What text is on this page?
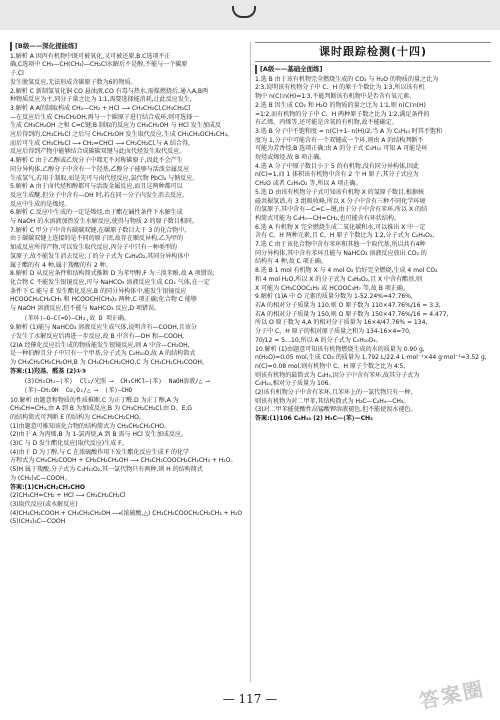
[B级——深化提能练]

1.解析 A 因丙有机物中既可被氧化,又可被还原,B.C选项不正

确,C选项中 CH₃—CH(CH₃)—CH₂Cl水解后不是醇,不能与一个碳原

子.Cl

发生脱氢反应,无法形成含碳原子数为6的物质。

2.解析 C 新制氢氧化铜 CO 悬浊液,CO 有毒与热水,需煤燃烧后,通入A,B两

种物质反应为主,同分子量之比为 1∶1,需要选择能消耗,让此反应发生,

3.解析 A A的制取构成 CH₂—CH₂ + HCl ⟶ CH₃CH₂Cl,CH₃CH₂Cl

—在反应后生成 CH₃CH₂OH,再与一个碳原子进行结合成环,则可选择一

生成 CH₃CH₂OH 之和 C=C键;B 制取的反应为 CH₃CH₂OH 与 HCl 发生加成反

应后得到的,CH₃CH₂Cl 之后与 CH₃CH₂OH 发生取代反应,生成 CH₃CH₂OCH₂CH₃,

而后可生成 CH₃CH₂Cl ⟶ CH₂=CHCl ⟶ CH₂CH₂Cl,与 A 结合得,

反应后得到产物中能够结合成碳碳双键与此卤代烃发生取代反应。

4.解析 C 由于乙醇或乙烷分子中都无不对称碳原子,因此不会产生

同分异构体,乙醇分子中含有一个羟基,乙醇分子能够与活泼金属反应

生成氢气,若用于制取,而是先可与卤代烃反应,氯代物 PbCl₂ 与钠反应。

5.解析 A 由于卤代烃和醇都可与活泼金属反应,而且这两种都可以

反应生成醚,但分子中含有—OH 时,若在同一分子内发生消去反应,

反应中生成的是烯烃。

6.解析 C 反应中生成的一定是烯烃,由于酯在碱性条件下水解生成

与 NaOH 的水溶液加热发生水解反应,使得与物质 2 的原子数目相同。

7.解析 C 甲分子中含有碳碳双键,在碳原子数目大于 3 的化合物中,

由于碳碳双键上连接的是不同的原子团,故存在顺反异构,乙为甲的

加成反应所得产物,可以发生取代反应,丙分子中只有一种类型的

氢原子,故不能发生消去反应;丁的分子式为 C₄H₈O₂,其同分异构体中

属于酯的有 4 种,属于羧酸的有 2 种。

8.解析 D 从反应条件和结构简式推断 D 为苯甲醇,F 为三溴苯酚,故 A 项错误;

化合物 C 不能发生银镜反应,可与 NaHCO₃ 溶液反应生成 CO₂ 气体,在一定

条件下 C 能与 E 发生酯化反应,B 的同分异构体中,能发生银镜反应

HCOOCH₂CH₂CH₃ 和 HCOOCH(CH₃)₂ 两种,C 项正确;化合物 C 能够

与 NaOH 溶液反应,但不能与 NaHCO₃ 反应,D 项错误。

⟨苯环⟩—O—C(=O)—CH₃,故 D 项正确。

9.解析 (1)能与 NaHCO₃ 溶液反应生成气体,说明含有—COOH,且该分

子发生了水解反应后再进一步反应,故 B 中含有—OH 和—COOH,

(2)A 经催化反应后生成的物质能发生银镜反应,则 A 中含—CH₂OH,

是一种伯醇且分子中只有一个甲基,分子式为 C₄H₁₀O,故 A 的结构简式

为 CH₃CH₂CH₂CH₂OH,B 为 CH₃CH₂CH₂CHO,C 为 CH₃CH₂CH₂COOH。

答案:(1)羟基、醛基 (2)①③

(3)CH₃CH₂—⟨苯⟩  Cl₂/光照 ⟶  CH₃CHCl—⟨苯⟩  NaOH溶液/△ ⟶
⟨苯⟩—CH₂OH  Cu,O₂/△ ⟶  ⟨苯⟩—CHO

10.解析 由题意和物质的性质推断,C 为正丁醛,D 为正丁醇,A 为

CH₃CH=CH₂,由 A 到 B 为加成反应,B 为 CH₃CH₂CH₂Cl,由 D、E,G

的结构简式可判断 E 的结构为 CH₃CH₂CH₂CHO。

(1)由题意可推知该化合物的结构简式为 CH₃CH₂CH₂CHO。

(2)由于 A 为丙烯,B 为 1-氯丙烷,A 到 B 需与 HCl 发生加成反应。

(3)C 与 D 发生酯化反应(取代反应)生成 F。

(4)由于 D 为丁醇,与 C 在浓硫酸作用下发生酯化反应生成 F 的化学

方程式为 CH₃CH₂COOH + CH₃CH₂CH₂OH ⟶ CH₃CH₂COOCH₂CH₂CH₃ + H₂O。

(5)H 属于羧酸,分子式为 C₅H₁₀O₂,其一氯代物只有两种,则 H 的结构简式

为 (CH₃)₃C—COOH。

答案:(1)CH₃CH₂CH₂CHO

(2)CH₃CH=CH₂ + HCl ⟶ CH₃CH₂CH₂Cl

(3)取代反应(或水解反应)

(4)CH₃CH₂COOH + CH₃CH₂CH₂OH ⟶(浓硫酸,△) CH₃CH₂COOCH₂CH₂CH₃ + H₂O

(5)(CH₃)₃C—COOH

课时跟踪检测(十四)
[A级——基础全面练]

1.选 B 由于该有机物完全燃烧生成的 CO₂ 与 H₂O 的物质的量之比为

2∶3,说明该有机物分子中 C、H 的原子个数比为 1∶3,所以该有机

物中 n(C)∶n(H)=1∶3,不能判断该有机物中是否含有氧元素。

2.选 B 因生成 CO₂ 和 H₂O 的物质的量之比为 1∶1,则 n(C)∶n(H)

=1∶2,而有机物的分子中 C、H 两种原子数之比为 1∶2,满足条件的

有乙烯、丙烯等,还可能是含氧的有机物,故不能确定。

3.选 B 分子中不饱和度 = n(C)+1- n(H)/2,当 A 为 C₅H₁₀ 时其不饱和

度为 1,分子中可能含有一个双键或一个环,则由 A 的结构判断不

可能为芳香烃,B 选项正确;由 A 的分子式 C₅H₁₀ 可知 A 可能是环

烷烃或烯烃,故 B 项正确。

4.选 A 分子中原子数目小于 5 的有机物,没有同分异构体,因此

n(C)=1,而 1 体积该有机物中含有 2 个 H 原子,其分子式应为

CH₂O 或者 C₂H₄O₂ 等,所以 A 项正确。

5.选 D 由该有机物分子式可知该有机物 X 的氢原子数目,根据核

磁共振氢谱,有 3 组吸收峰,所以 X 分子中含有三种不同化学环境

的氢原子,其中含有—C=C—键,由于分子中含有苯环,所以 X 的结

构简式可能为 C₆H₅—CH=CH₂,也可能含有环状结构。

6.选 A 有机物 X 完全燃烧生成二氧化碳和水,可以推出 X 中一定

含有 C、H 两种元素,且 C、H 原子个数比为 1∶2,分子式为 C₂H₄O₂,

7.选 C 由于该化合物中含有苯环和其他一个取代基,所以共有4种

同分异构体,其中含有苯环且能与 NaHCO₃ 溶液反应放出 CO₂ 的

结构有 4 种,故 C 项正确。

8.选 B 1 mol 有机物 X 与 4 mol O₂ 恰好完全燃烧,生成 4 mol CO₂

和 4 mol H₂O,所以 X 的分子式为 C₄H₈O₂,且 X 中含有酯基,则

X 可能为 CH₃COOC₂H₅ 或 HCOOC₃H₇ 等,故 B 项正确。

9.解析 (1)A 中 O 元素的质量分数为 1-52.24%=47.76%,

若A 的相对分子质量为 110,则 O 原子数为 110×47.76%/16 ≈ 3.3,

若A 的相对分子质量为 150,则 O 原子数为 150×47.76%/16 ≈ 4.477,

所以 O 原子数为 4,A 的相对分子质量为 16×4/47.76% ≈ 134,

分子中 C、H 原子的相对原子质量之和为 134-16×4=70,

70/12 = 5…10,所以 A 的分子式为 C₅H₁₀O₄。

10.解析 (1)由题意可知该有机物燃烧生成的水的质量为 0.90 g,

n(H₂O)=0.05 mol,生成 CO₂ 的质量为 1.792 L/22.4 L·mol⁻¹×44 g·mol⁻¹=3.52 g,

n(C)=0.08 mol,则有机物中 C、H 原子个数之比为 4∶5,

则该有机物的最简式为 C₄H₅,因分子中含有苯环,故其分子式为

C₈H₁₀,相对分子质量为 106。

(2)该有机物分子中含有苯环,且苯环上的一氯代物只有一种,

则该有机物为对二甲苯,其结构简式为 H₃C—C₆H₄—CH₃。

(3)对二甲苯能使酸性高锰酸钾溶液褪色,但不能使溴水褪色。

答案:(1)106 C₈H₁₀ (2) H₃C—⟨苯⟩—CH₃

— 117 —	答案圈
